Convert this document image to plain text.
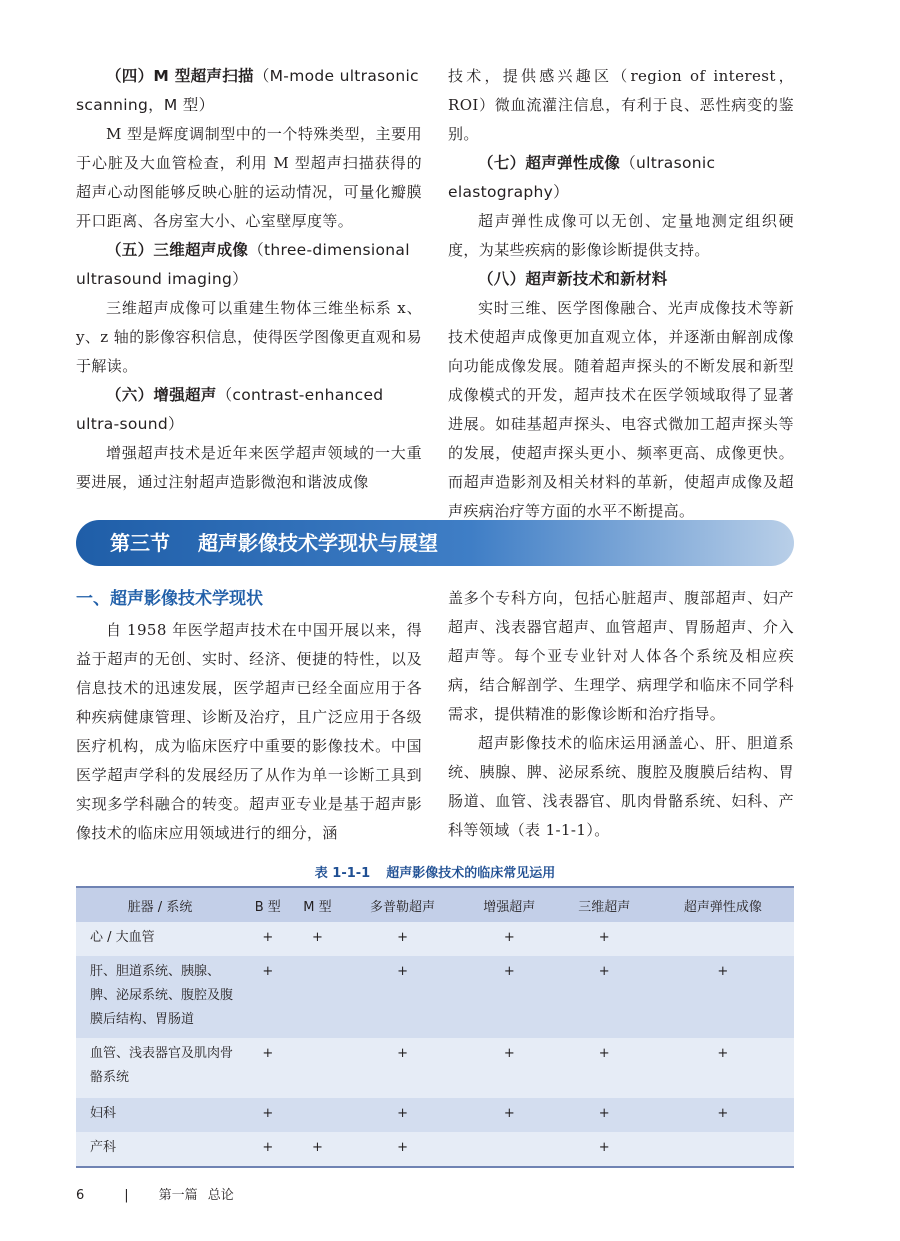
（四）M 型超声扫描（M-mode ultrasonic scanning，M 型）

M 型是辉度调制型中的一个特殊类型，主要用于心脏及大血管检查，利用 M 型超声扫描获得的超声心动图能够反映心脏的运动情况，可量化瓣膜开口距离、各房室大小、心室壁厚度等。

（五）三维超声成像（three-dimensional ultrasound imaging）

三维超声成像可以重建生物体三维坐标系 x、y、z 轴的影像容积信息，使得医学图像更直观和易于解读。

（六）增强超声（contrast-enhanced ultra-sound）

增强超声技术是近年来医学超声领域的一大重要进展，通过注射超声造影微泡和谐波成像

技术，提供感兴趣区（region of interest，ROI）微血流灌注信息，有利于良、恶性病变的鉴别。

（七）超声弹性成像（ultrasonic elastography）

超声弹性成像可以无创、定量地测定组织硬度，为某些疾病的影像诊断提供支持。

（八）超声新技术和新材料

实时三维、医学图像融合、光声成像技术等新技术使超声成像更加直观立体，并逐渐由解剖成像向功能成像发展。随着超声探头的不断发展和新型成像模式的开发，超声技术在医学领域取得了显著进展。如硅基超声探头、电容式微加工超声探头等的发展，使超声探头更小、频率更高、成像更快。而超声造影剂及相关材料的革新，使超声成像及超声疾病治疗等方面的水平不断提高。

第三节 超声影像技术学现状与展望
一、超声影像技术学现状

自 1958 年医学超声技术在中国开展以来，得益于超声的无创、实时、经济、便捷的特性，以及信息技术的迅速发展，医学超声已经全面应用于各种疾病健康管理、诊断及治疗，且广泛应用于各级医疗机构，成为临床医疗中重要的影像技术。中国医学超声学科的发展经历了从作为单一诊断工具到实现多学科融合的转变。超声亚专业是基于超声影像技术的临床应用领域进行的细分，涵

盖多个专科方向，包括心脏超声、腹部超声、妇产超声、浅表器官超声、血管超声、胃肠超声、介入超声等。每个亚专业针对人体各个系统及相应疾病，结合解剖学、生理学、病理学和临床不同学科需求，提供精准的影像诊断和治疗指导。

超声影像技术的临床运用涵盖心、肝、胆道系统、胰腺、脾、泌尿系统、腹腔及腹膜后结构、胃肠道、血管、浅表器官、肌肉骨骼系统、妇科、产科等领域（表 1-1-1）。

表 1-1-1 超声影像技术的临床常见运用
脏器 / 系统	B 型	M 型	多普勒超声	增强超声	三维超声	超声弹性成像
心 / 大血管	+	+	+	+	+	
肝、胆道系统、胰腺、脾、泌尿系统、腹腔及腹膜后结构、胃肠道	+		+	+	+	+
血管、浅表器官及肌肉骨骼系统	+		+	+	+	+
妇科	+		+	+	+	+
产科	+	+	+		+	
6	| 第一篇 总论
